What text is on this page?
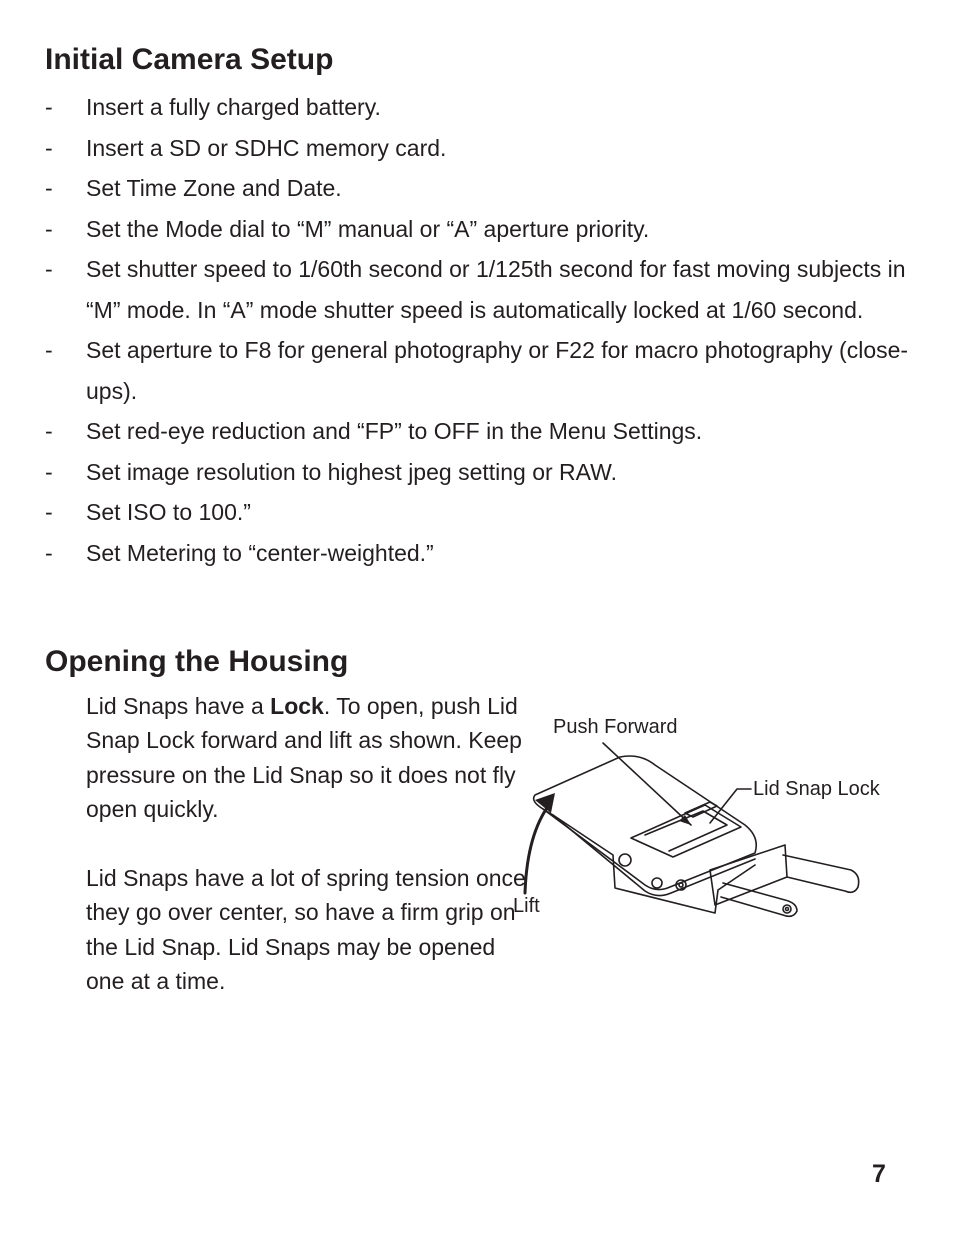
Initial Camera Setup
- Insert a fully charged battery.
- Insert a SD or SDHC memory card.
- Set Time Zone and Date.
- Set the Mode dial to “M” manual or “A” aperture priority.
- Set shutter speed to 1/60th second or 1/125th second for fast moving subjects in “M” mode. In “A” mode shutter speed is automatically locked at 1/60 second.
- Set aperture to F8 for general photography or F22 for macro photography (close-ups).
- Set red-eye reduction and “FP” to OFF in the Menu Settings.
- Set image resolution to highest jpeg setting or RAW.
- Set ISO to 100.”
- Set Metering to “center-weighted.”
Opening the Housing

Lid Snaps have a Lock. To open, push Lid Snap Lock forward and lift as shown. Keep pressure on the Lid Snap so it does not fly open quickly.

Lid Snaps have a lot of spring tension once they go over center, so have a firm grip on the Lid Snap. Lid Snaps may be opened one at a time.

Push Forward
Lid Snap Lock
Lift
7
